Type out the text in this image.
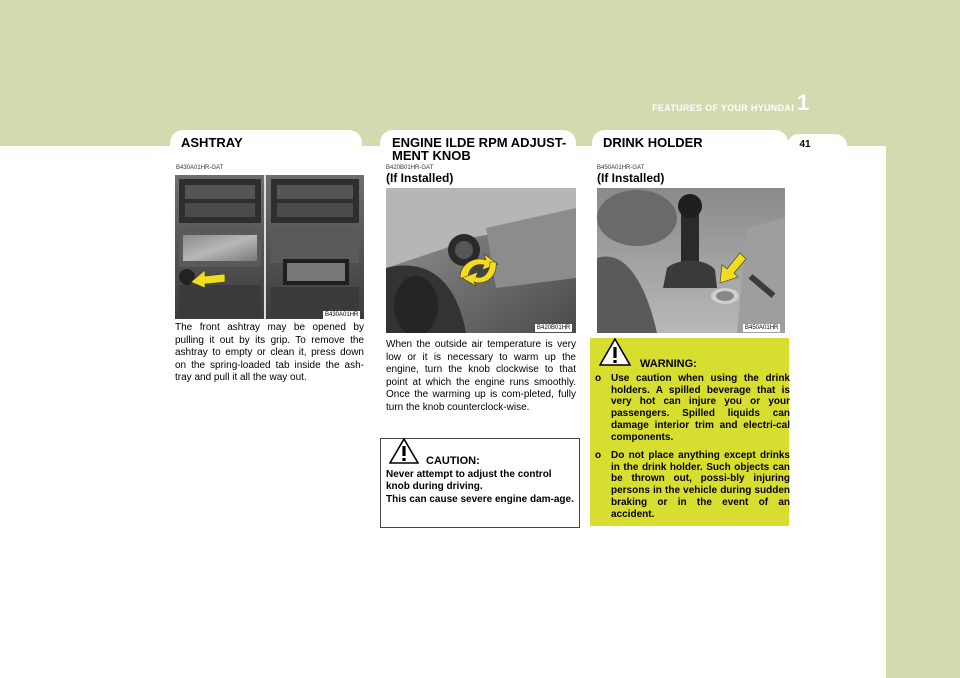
FEATURES OF YOUR HYUNDAI 1
41
ASHTRAY
B430A01HR-GAT
B430A01HR
The front ashtray may be opened by pulling it out by its grip. To remove the ashtray to empty or clean it, press down on the spring-loaded tab inside the ash-tray and pull it all the way out.
ENGINE ILDE RPM ADJUST-
MENT KNOB
B420B01HR-GAT
(If Installed)
B420B01HR
When the outside air temperature is very low or it is necessary to warm up the engine, turn the knob clockwise to that point at which the engine runs smoothly. Once the warming up is com-pleted, fully turn the knob counterclock-wise.
CAUTION:
Never attempt to adjust the control knob during driving.
This can cause severe engine dam-age.
DRINK HOLDER
B450A01HR-GAT
(If Installed)
B450A01HR
WARNING:
o Use caution when using the drink holders. A spilled beverage that is very hot can injure you or your passengers. Spilled liquids can damage interior trim and electri-cal components.
o Do not place anything except drinks in the drink holder. Such objects can be thrown out, possi-bly injuring persons in the vehicle during sudden braking or in the event of an accident.
